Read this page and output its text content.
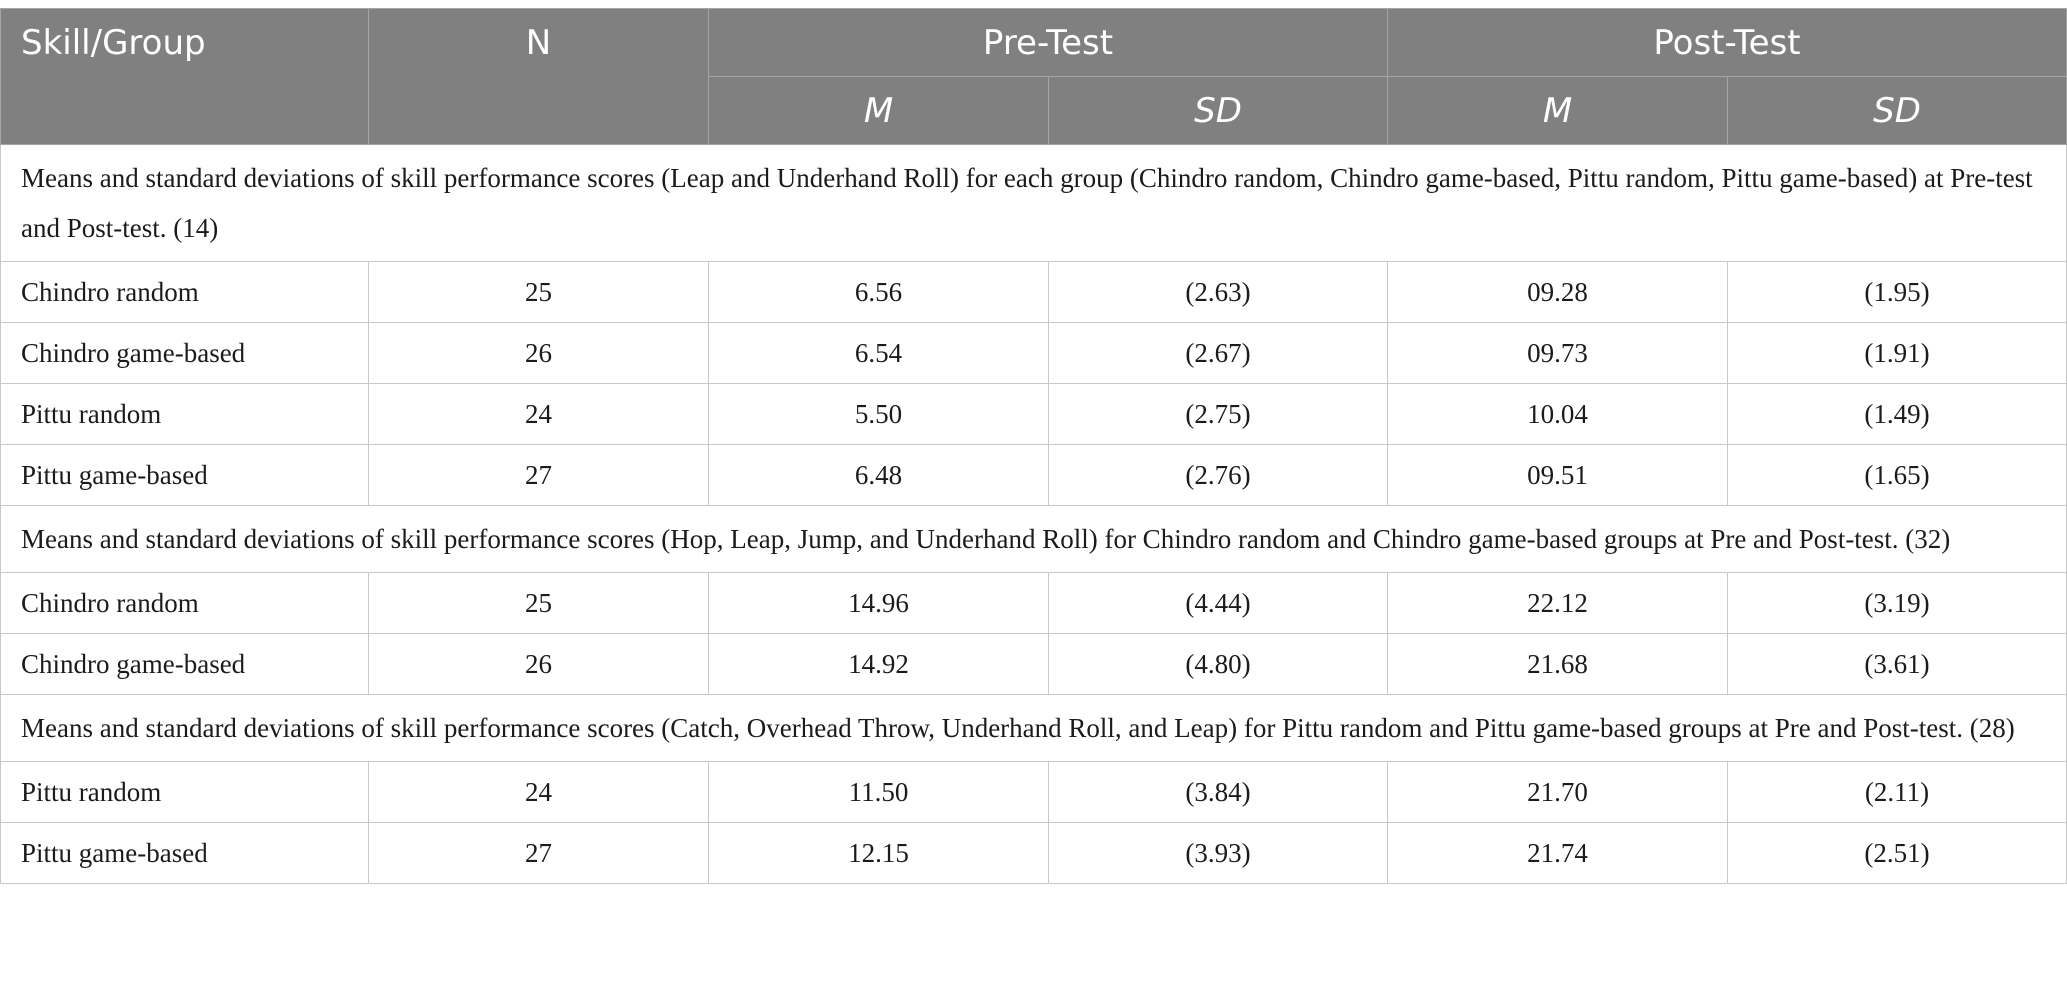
Skill/Group	N	Pre-Test		Post-Test	
		M	SD	M	SD
Means and standard deviations of skill performance scores (Leap and Underhand Roll) for each group (Chindro random, Chindro game-based, Pittu random, Pittu game-based) at Pre-test and Post-test. (14)					
Chindro random	25	6.56	(2.63)	09.28	(1.95)
Chindro game-based	26	6.54	(2.67)	09.73	(1.91)
Pittu random	24	5.50	(2.75)	10.04	(1.49)
Pittu game-based	27	6.48	(2.76)	09.51	(1.65)
Means and standard deviations of skill performance scores (Hop, Leap, Jump, and Underhand Roll) for Chindro random and Chindro game-based groups at Pre and Post-test. (32)					
Chindro random	25	14.96	(4.44)	22.12	(3.19)
Chindro game-based	26	14.92	(4.80)	21.68	(3.61)
Means and standard deviations of skill performance scores (Catch, Overhead Throw, Underhand Roll, and Leap) for Pittu random and Pittu game-based groups at Pre and Post-test. (28)					
Pittu random	24	11.50	(3.84)	21.70	(2.11)
Pittu game-based	27	12.15	(3.93)	21.74	(2.51)
